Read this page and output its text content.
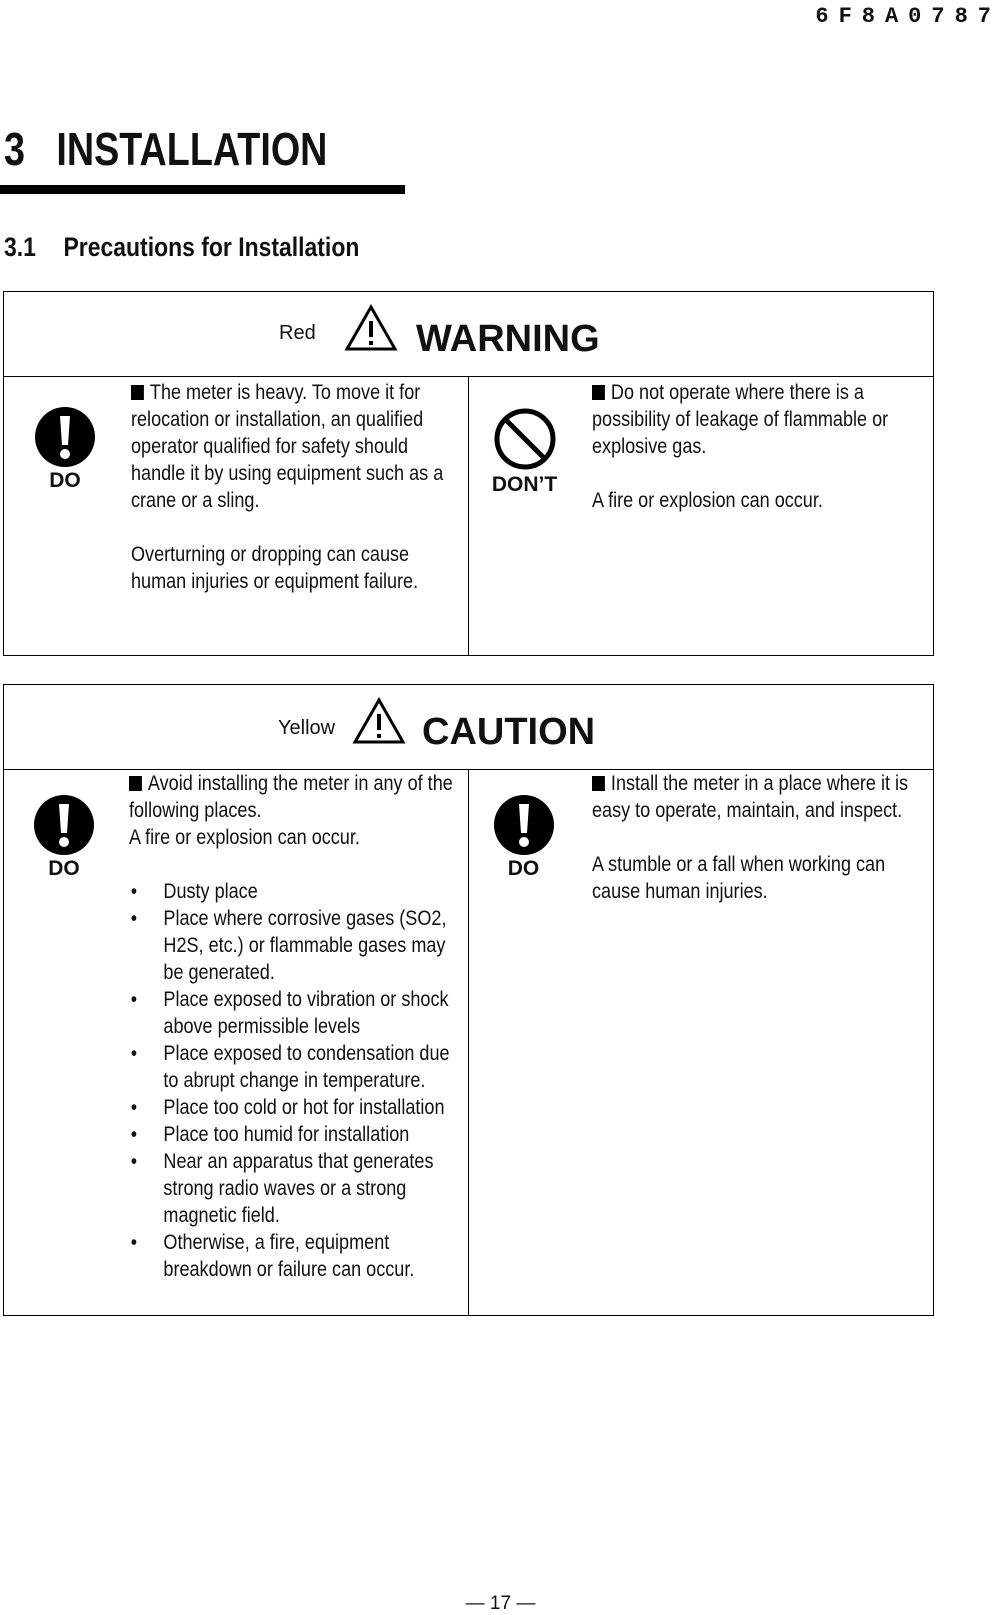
6F8A0787
3 INSTALLATION
3.1 Precautions for Installation
Red	WARNING
DO

The meter is heavy. To move it for relocation or installation, an qualified operator qualified for safety should handle it by using equipment such as a crane or a sling.

Overturning or dropping can cause human injuries or equipment failure.

DON’T

Do not operate where there is a possibility of leakage of flammable or explosive gas.

A fire or explosion can occur.

Yellow CAUTION
DO

Avoid installing the meter in any of the following places.

A fire or explosion can occur.

• Dusty place
• Place where corrosive gases (SO2, H2S, etc.) or flammable gases may be generated.
• Place exposed to vibration or shock above permissible levels
• Place exposed to condensation due to abrupt change in temperature.
• Place too cold or hot for installation
• Place too humid for installation
• Near an apparatus that generates strong radio waves or a strong magnetic field.
• Otherwise, a fire, equipment breakdown or failure can occur.
DO

Install the meter in a place where it is easy to operate, maintain, and inspect.

A stumble or a fall when working can cause human injuries.

— 17 —
